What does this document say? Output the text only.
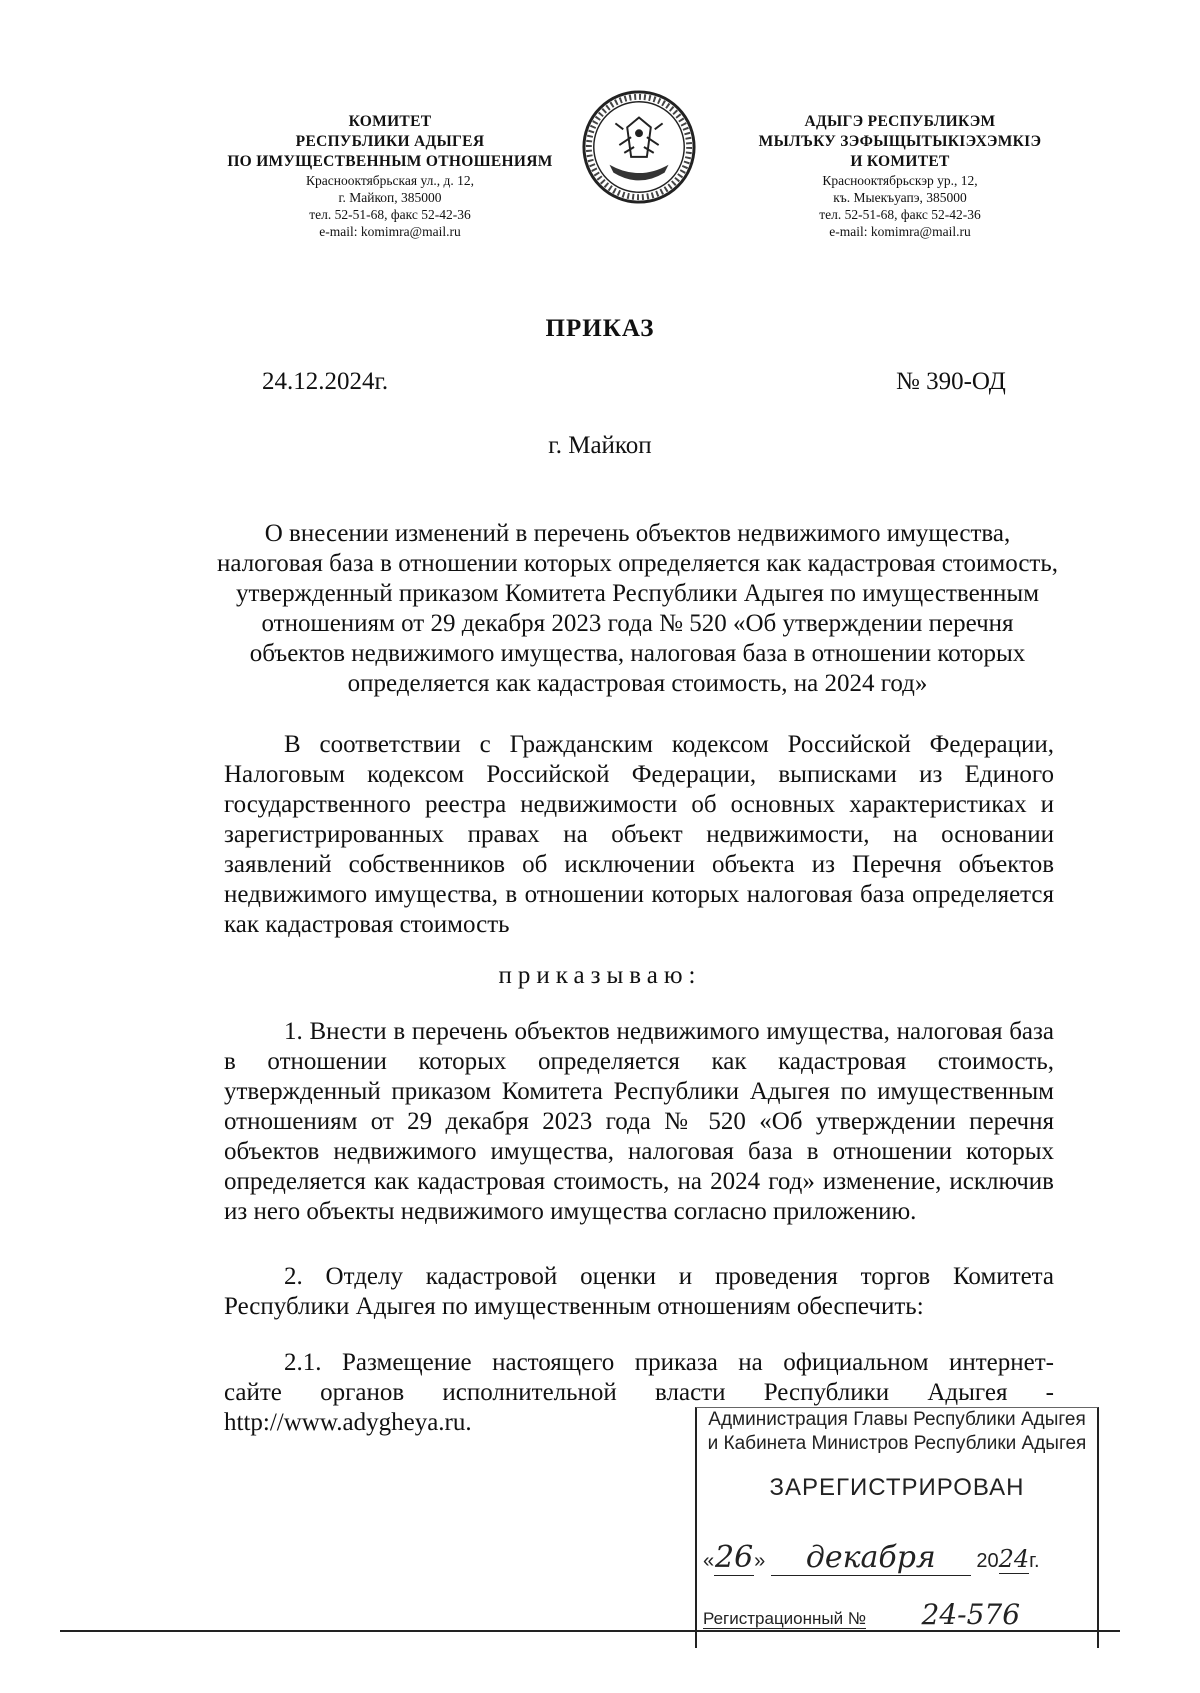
КОМИТЕТ
РЕСПУБЛИКИ АДЫГЕЯ
ПО ИМУЩЕСТВЕННЫМ ОТНОШЕНИЯМ
Краснооктябрьская ул., д. 12,
г. Майкоп, 385000
тел. 52-51-68, факс 52-42-36
e-mail: komimra@mail.ru
АДЫГЭ РЕСПУБЛИКЭМ
МЫЛЪКУ ЗЭФЫЩЫТЫКIЭХЭМКIЭ
И КОМИТЕТ
Краснооктябрьскэр ур., 12,
къ. Мыекъуапэ, 385000
тел. 52-51-68, факс 52-42-36
e-mail: komimra@mail.ru
ПРИКАЗ
24.12.2024г.	№ 390-ОД
г. Майкоп
О внесении изменений в перечень объектов недвижимого имущества, налоговая база в отношении которых определяется как кадастровая стоимость, утвержденный приказом Комитета Республики Адыгея по имущественным отношениям от 29 декабря 2023 года № 520 «Об утверждении перечня объектов недвижимого имущества, налоговая база в отношении которых определяется как кадастровая стоимость, на 2024 год»
В соответствии с Гражданским кодексом Российской Федерации, Налоговым кодексом Российской Федерации, выписками из Единого государственного реестра недвижимости об основных характеристиках и зарегистрированных правах на объект недвижимости, на основании заявлений собственников об исключении объекта из Перечня объектов недвижимого имущества, в отношении которых налоговая база определяется как кадастровая стоимость
приказываю:
1. Внести в перечень объектов недвижимого имущества, налоговая база в отношении которых определяется как кадастровая стоимость, утвержденный приказом Комитета Республики Адыгея по имущественным отношениям от 29 декабря 2023 года № 520 «Об утверждении перечня объектов недвижимого имущества, налоговая база в отношении которых определяется как кадастровая стоимость, на 2024 год» изменение, исключив из него объекты недвижимого имущества согласно приложению.
2. Отделу кадастровой оценки и проведения торгов Комитета Республики Адыгея по имущественным отношениям обеспечить:
2.1. Размещение настоящего приказа на официальном интернет-
сайте органов исполнительной власти Республики Адыгея -
http://www.adygheya.ru.	Администрация Главы Республики Адыгея
и Кабинета Министров Республики Адыгея
ЗАРЕГИСТРИРОВАН
«26» декабря 2024г.
Регистрационный № 24-576
